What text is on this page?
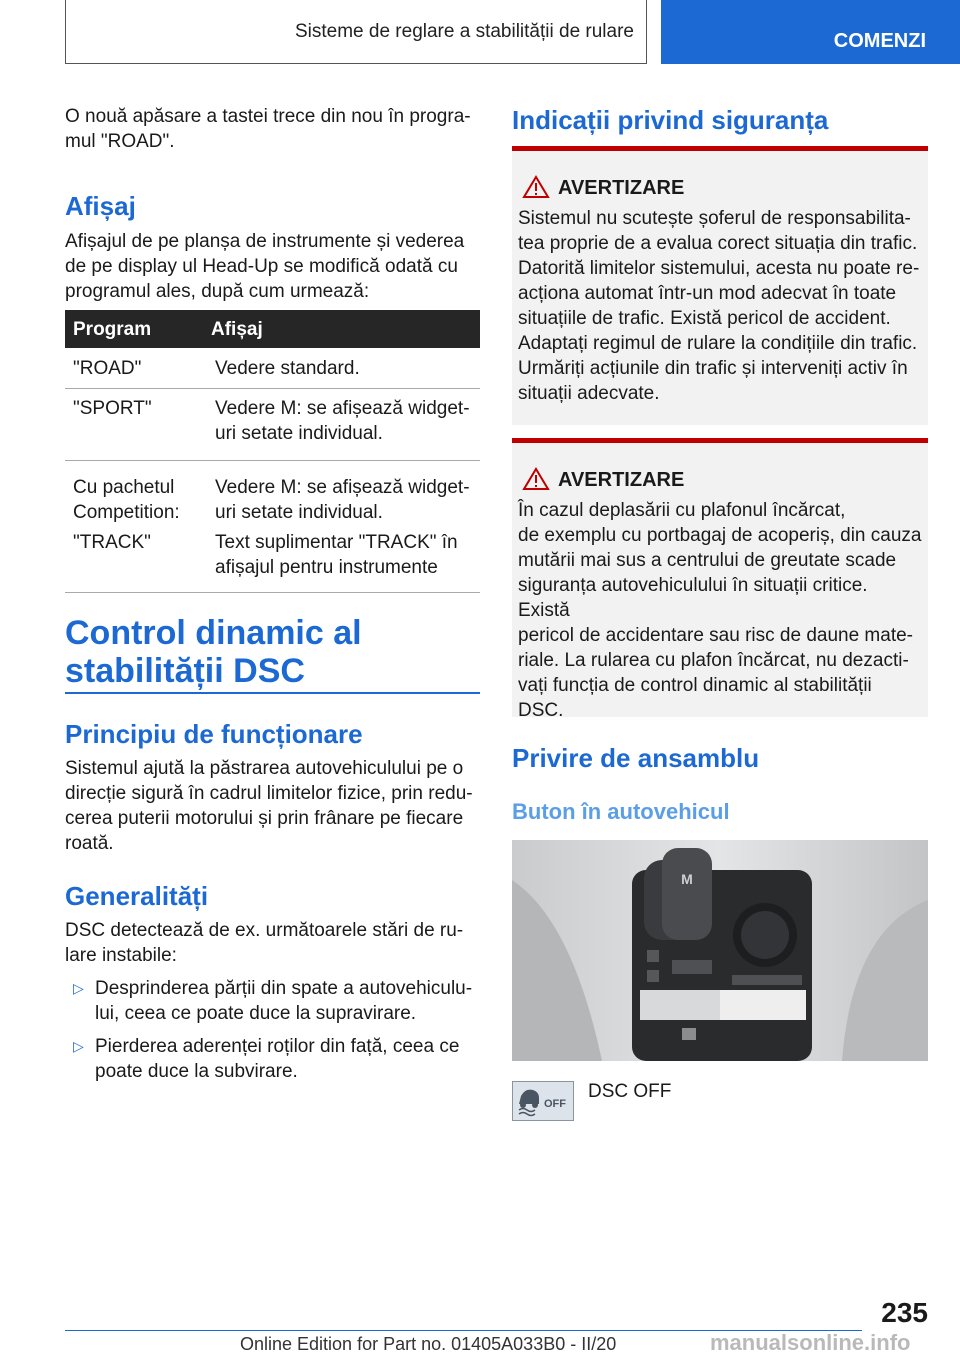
Sisteme de reglare a stabilității de rulare	COMENZI
O nouă apăsare a tastei trece din nou în progra‐
mul "ROAD".
Afișaj
Afișajul de pe planșa de instrumente și vederea
de pe display ul Head-Up se modifică odată cu
programul ales, după cum urmează:
Program	Afișaj
"ROAD"	Vedere standard.
"SPORT"	Vedere M: se afișează widget‐
uri setate individual.
Cu pachetul
Competition:	Vedere M: se afișează widget‐
uri setate individual.
"TRACK"	Text suplimentar "TRACK" în
afișajul pentru instrumente
Control dinamic al
stabilității DSC
Principiu de funcționare
Sistemul ajută la păstrarea autovehiculului pe o
direcție sigură în cadrul limitelor fizice, prin redu‐
cerea puterii motorului și prin frânare pe fiecare
roată.
Generalități
DSC detectează de ex. următoarele stări de ru‐
lare instabile:
▷ Desprinderea părții din spate a autovehiculu‐
lui, ceea ce poate duce la supravirare.
▷ Pierderea aderenței roților din față, ceea ce
poate duce la subvirare.
Indicații privind siguranța
AVERTIZARE
Sistemul nu scutește șoferul de responsabilita‐
tea proprie de a evalua corect situația din trafic.
Datorită limitelor sistemului, acesta nu poate re‐
acționa automat într-un mod adecvat în toate
situațiile de trafic. Există pericol de accident.
Adaptați regimul de rulare la condițiile din trafic.
Urmăriți acțiunile din trafic și interveniți activ în
situații adecvate.
AVERTIZARE
În cazul deplasării cu plafonul încărcat,
de exemplu cu portbagaj de acoperiș, din cauza
mutării mai sus a centrului de greutate scade
siguranța autovehiculului în situații critice. Există
pericol de accidentare sau risc de daune mate‐
riale. La rularea cu plafon încărcat, nu dezacti‐
vați funcția de control dinamic al stabilității
DSC.
Privire de ansamblu
Buton în autovehicul
M
OFF
DSC OFF
235
Online Edition for Part no. 01405A033B0 - II/20	manualsonline.info
